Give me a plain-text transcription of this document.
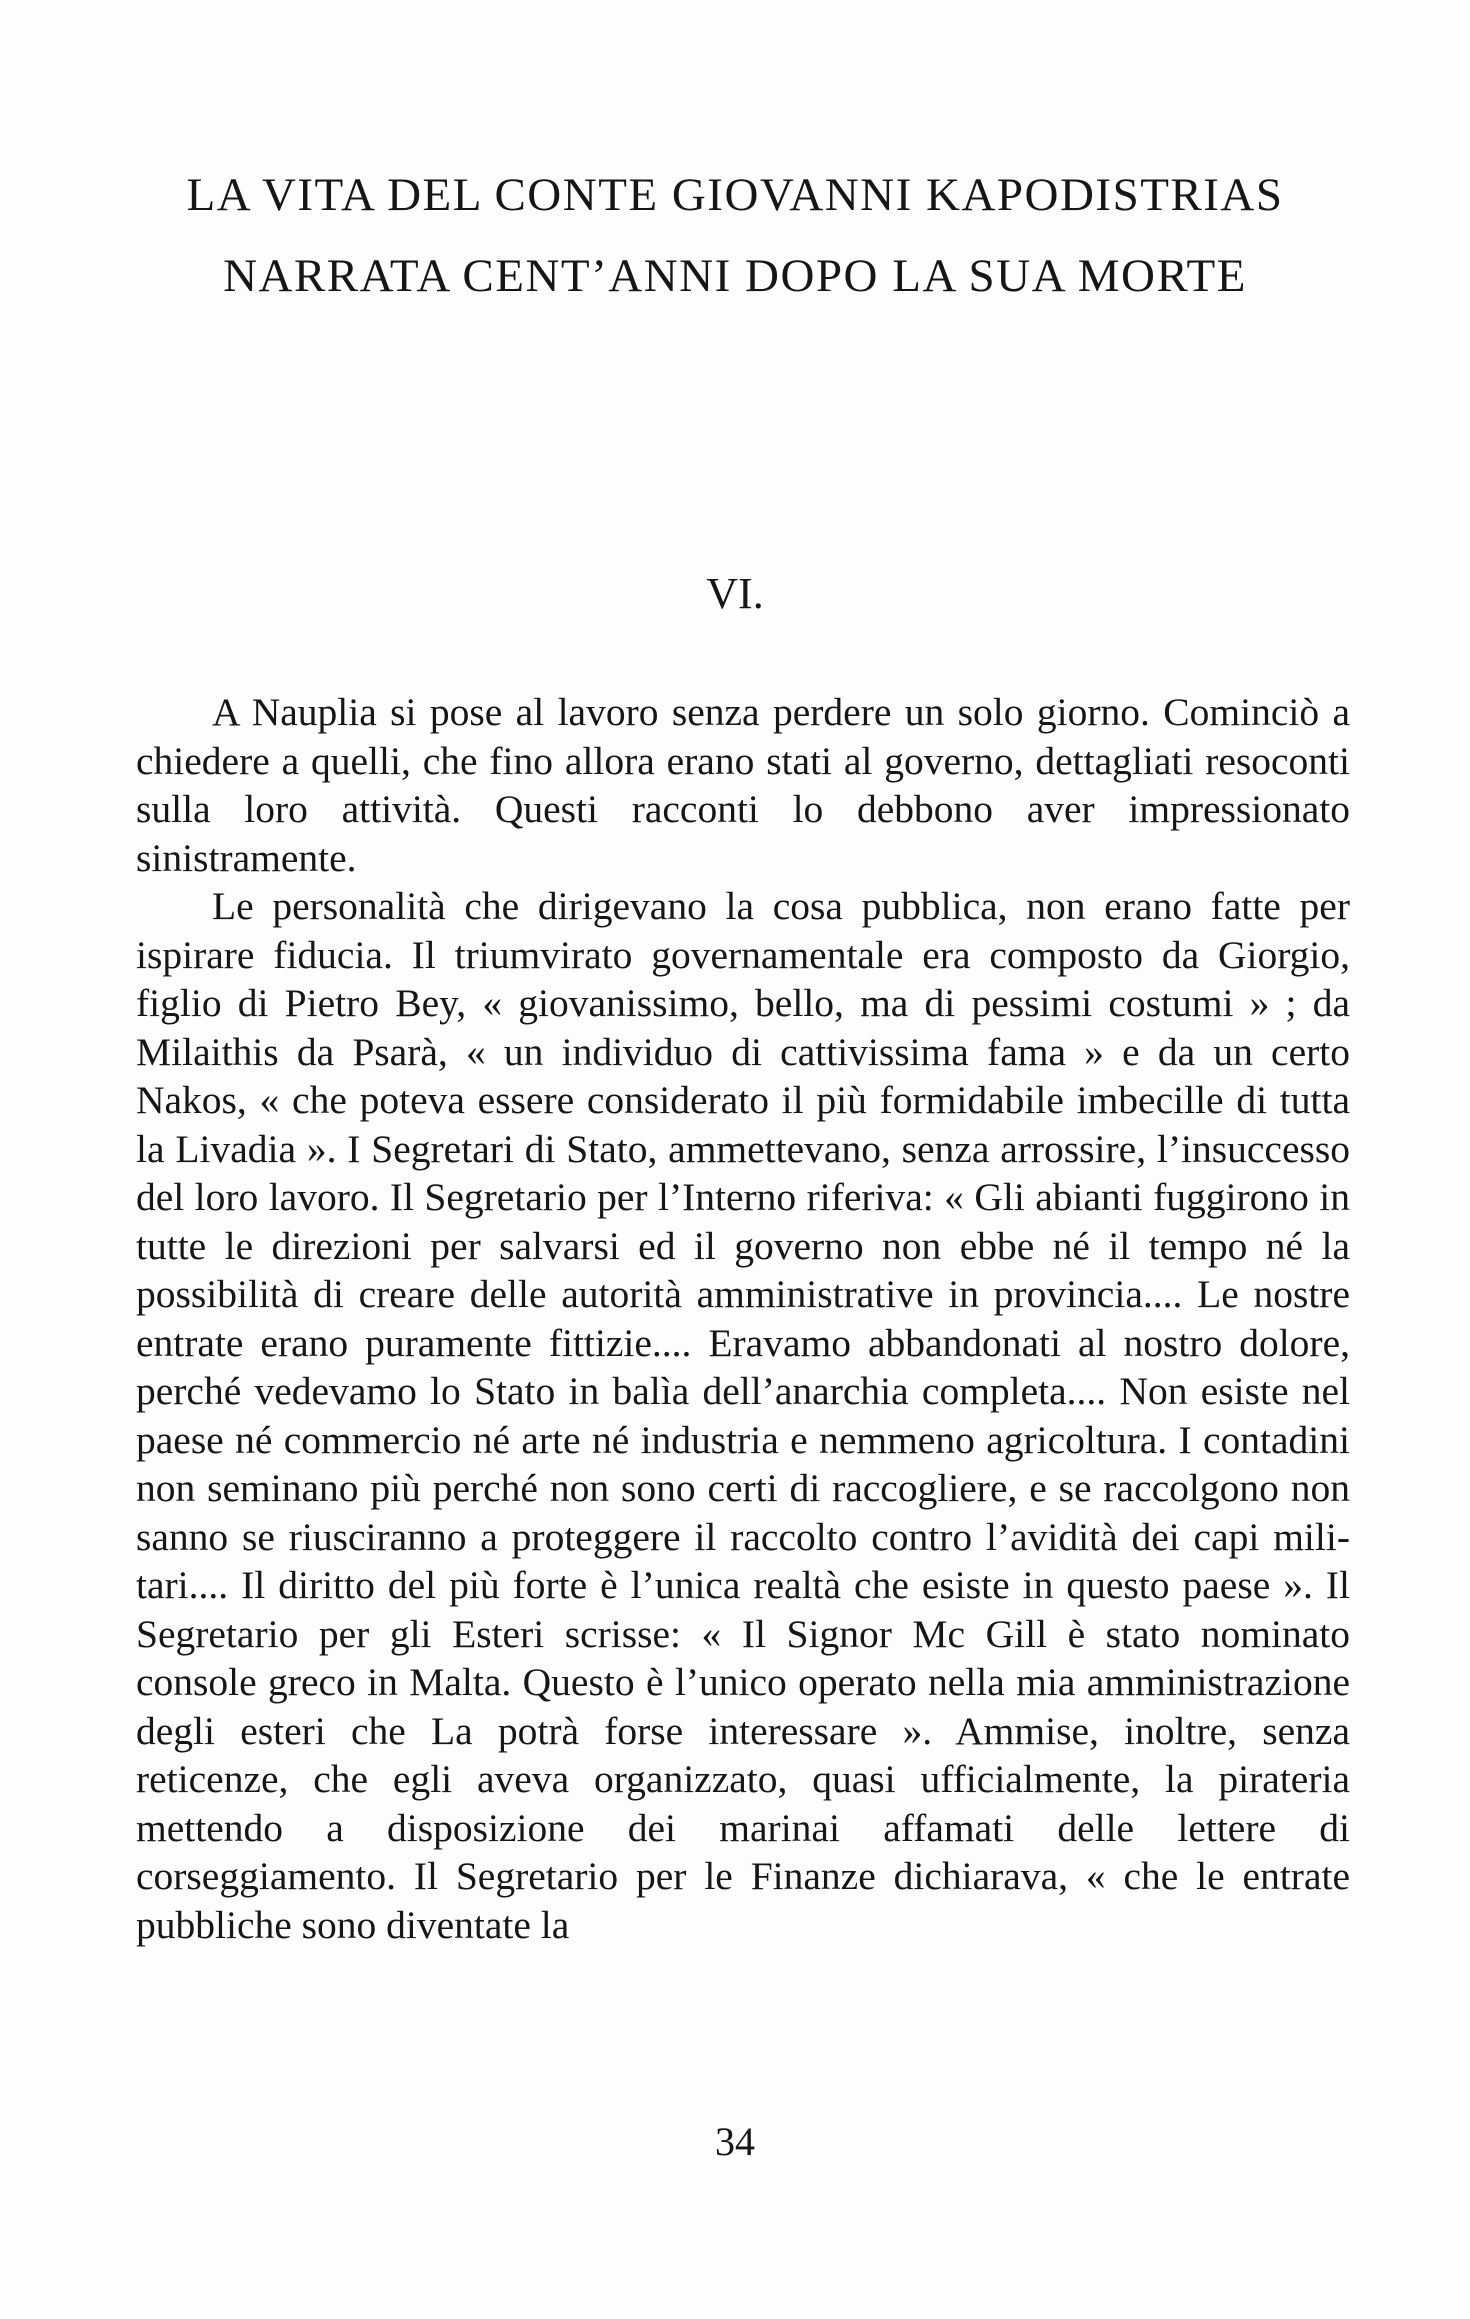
LA VITA DEL CONTE GIOVANNI KAPODISTRIAS
NARRATA CENT’ANNI DOPO LA SUA MORTE
VI.

A Nauplia si pose al lavoro senza perdere un solo giorno. Cominciò a chiedere a quelli, che fino allora erano stati al governo, dettagliati resoconti sulla loro attività. Questi racconti lo debbono aver impressionato sinistramente.

Le personalità che dirigevano la cosa pubblica, non erano fatte per ispirare fiducia. Il triumvirato governamentale era composto da Giorgio, figlio di Pietro Bey, « giovanissimo, bello, ma di pessimi costumi » ; da Milaithis da Psarà, « un individuo di cattivissima fama » e da un certo Nakos, « che poteva essere considerato il più formidabile imbecille di tutta la Livadia ». I Segretari di Stato, ammettevano, senza arrossire, l’insuccesso del loro lavoro. Il Segretario per l’Interno riferiva: « Gli abianti fuggirono in tutte le direzioni per salvarsi ed il governo non ebbe né il tempo né la possibilità di creare delle autorità amministrative in provincia.... Le nostre entrate erano puramente fittizie.... Eravamo abbandonati al nostro dolore, perché vedevamo lo Stato in balìa dell’anarchia completa.... Non esiste nel paese né commercio né arte né industria e nemmeno agricoltura. I contadini non seminano più perché non sono certi di raccogliere, e se raccolgono non sanno se riusciranno a proteggere il raccolto contro l’avidità dei capi militari.... Il diritto del più forte è l’unica realtà che esiste in questo paese ». Il Segretario per gli Esteri scrisse: « Il Signor Mc Gill è stato nominato console greco in Malta. Questo è l’unico operato nella mia amministrazione degli esteri che La potrà forse interessare ». Ammise, inoltre, senza reticenze, che egli aveva organizzato, quasi ufficialmente, la pirateria mettendo a disposizione dei marinai affamati delle lettere di corseggiamento. Il Segretario per le Finanze dichiarava, « che le entrate pubbliche sono diventate la

34
